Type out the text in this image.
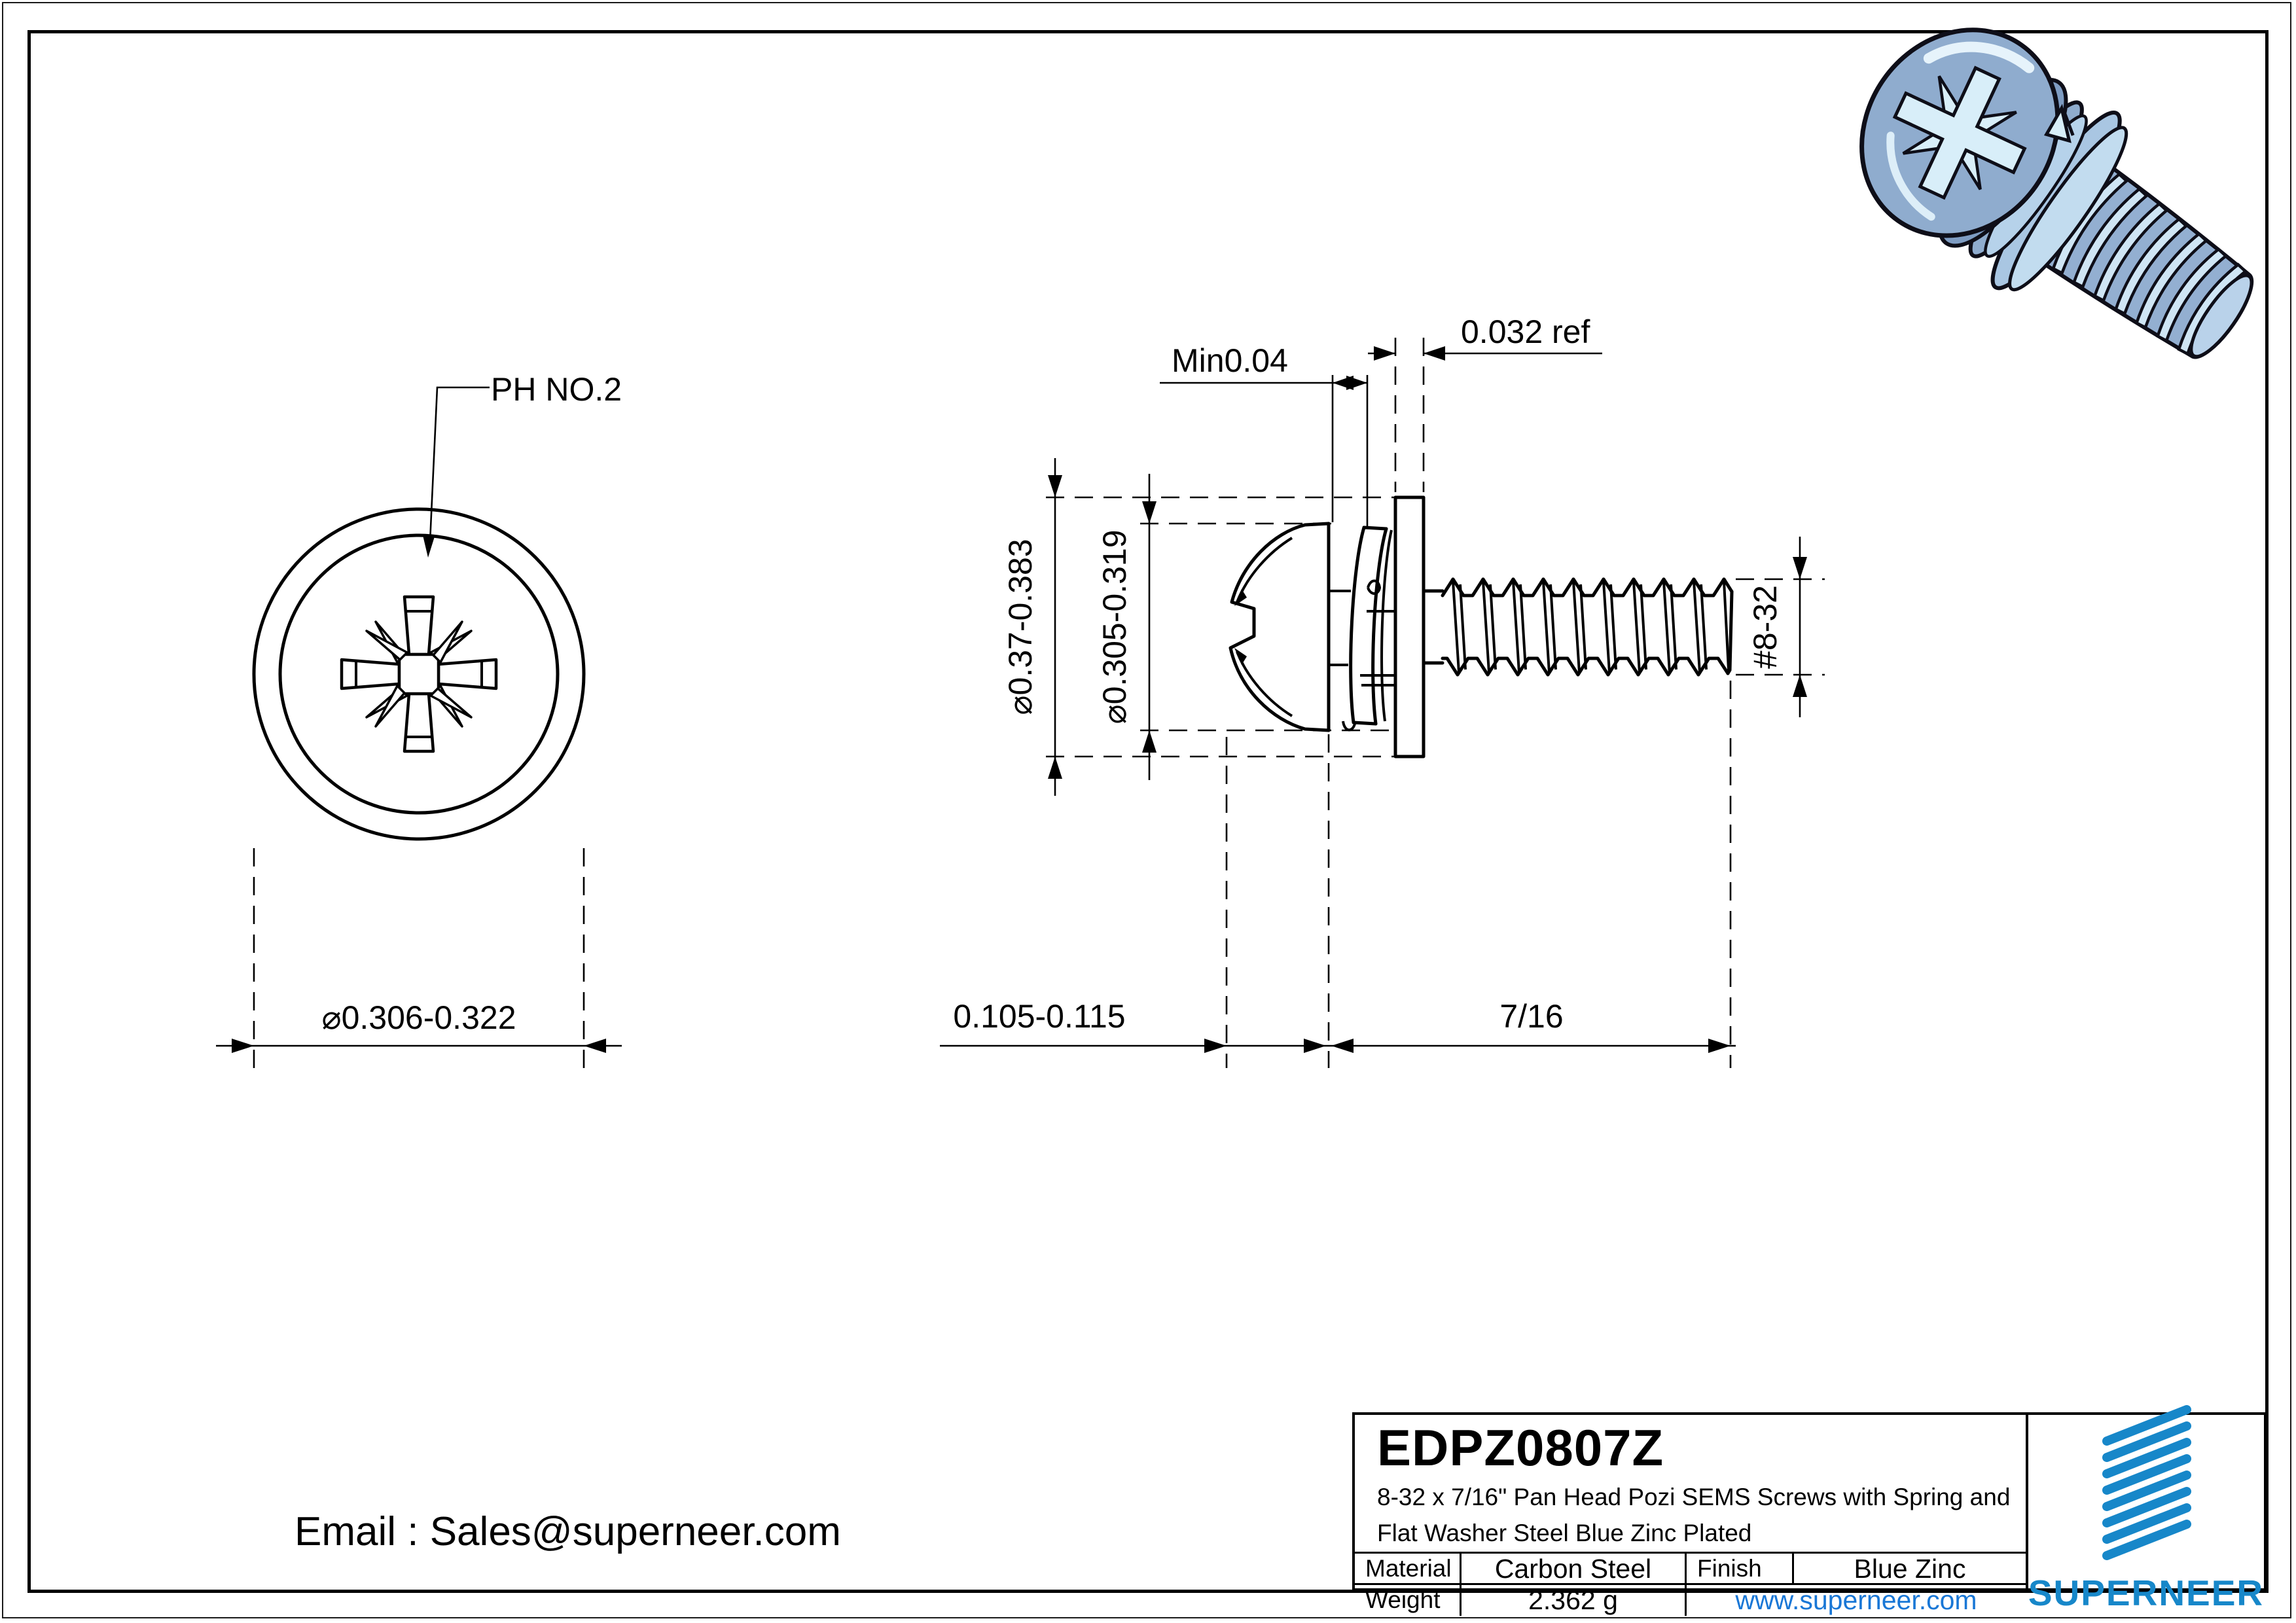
PH NO.2
⌀0.306-0.322
⌀0.37-0.383 ⌀0.305-0.319
Min0.04
0.032 ref
#8-32
0.105-0.115	7/16
EDPZ0807Z
8-32 x 7/16" Pan Head Pozi SEMS Screws with Spring and
Flat Washer Steel Blue Zinc Plated
Material	Carbon Steel	Finish	Blue Zinc
Weight	2.362 g	www.superneer.com	SUPERNEER
Email : Sales@superneer.com
